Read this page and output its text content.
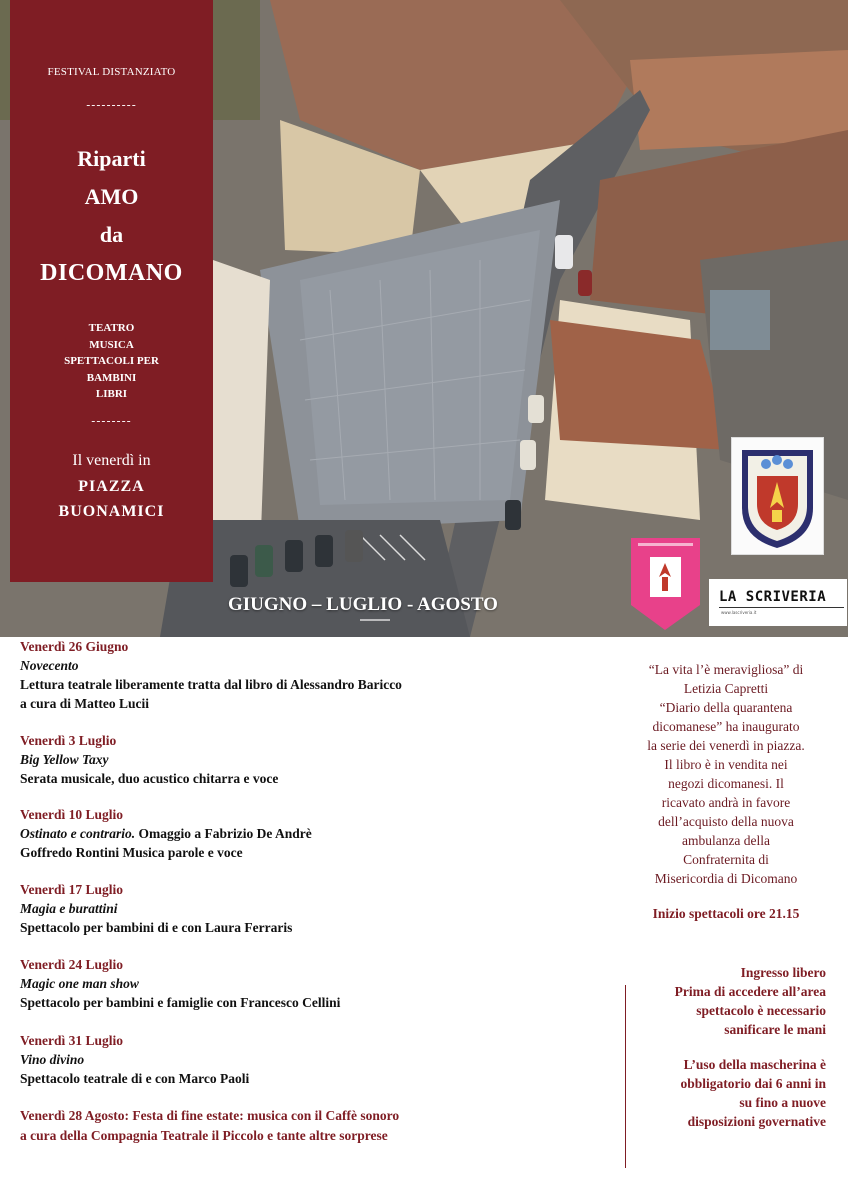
FESTIVAL DISTANZIATO
----------
Riparti
AMO
da
DICOMANO
TEATRO
MUSICA
SPETTACOLI PER
BAMBINI
LIBRI
--------
Il venerdì in
PIAZZA
BUONAMICI
GIUGNO – LUGLIO - AGOSTO	LA SCRIVERIA
www.lascriveria.it
Venerdì 26 Giugno
Novecento
Lettura teatrale liberamente tratta dal libro di Alessandro Baricco
a cura di Matteo Lucii
Venerdì 3 Luglio
Big Yellow Taxy
Serata musicale, duo acustico chitarra e voce
Venerdì 10 Luglio
Ostinato e contrario. Omaggio a Fabrizio De Andrè
Goffredo Rontini Musica parole e voce
Venerdì 17 Luglio
Magia e burattini
Spettacolo per bambini di e con Laura Ferraris
Venerdì 24 Luglio
Magic one man show
Spettacolo per bambini e famiglie con Francesco Cellini
Venerdì 31 Luglio
Vino divino
Spettacolo teatrale di e con Marco Paoli
Venerdì 28 Agosto: Festa di fine estate: musica con il Caffè sonoro
a cura della Compagnia Teatrale il Piccolo e tante altre sorprese
“La vita l’è meravigliosa” di
Letizia Capretti
“Diario della quarantena
dicomanese” ha inaugurato
la serie dei venerdì in piazza.
Il libro è in vendita nei
negozi dicomanesi. Il
ricavato andrà in favore
dell’acquisto della nuova
ambulanza della
Confraternita di
Misericordia di Dicomano
Inizio spettacoli ore 21.15
Ingresso libero
Prima di accedere all’area
spettacolo è necessario
sanificare le mani
L’uso della mascherina è
obbligatorio dai 6 anni in
su fino a nuove
disposizioni governative
